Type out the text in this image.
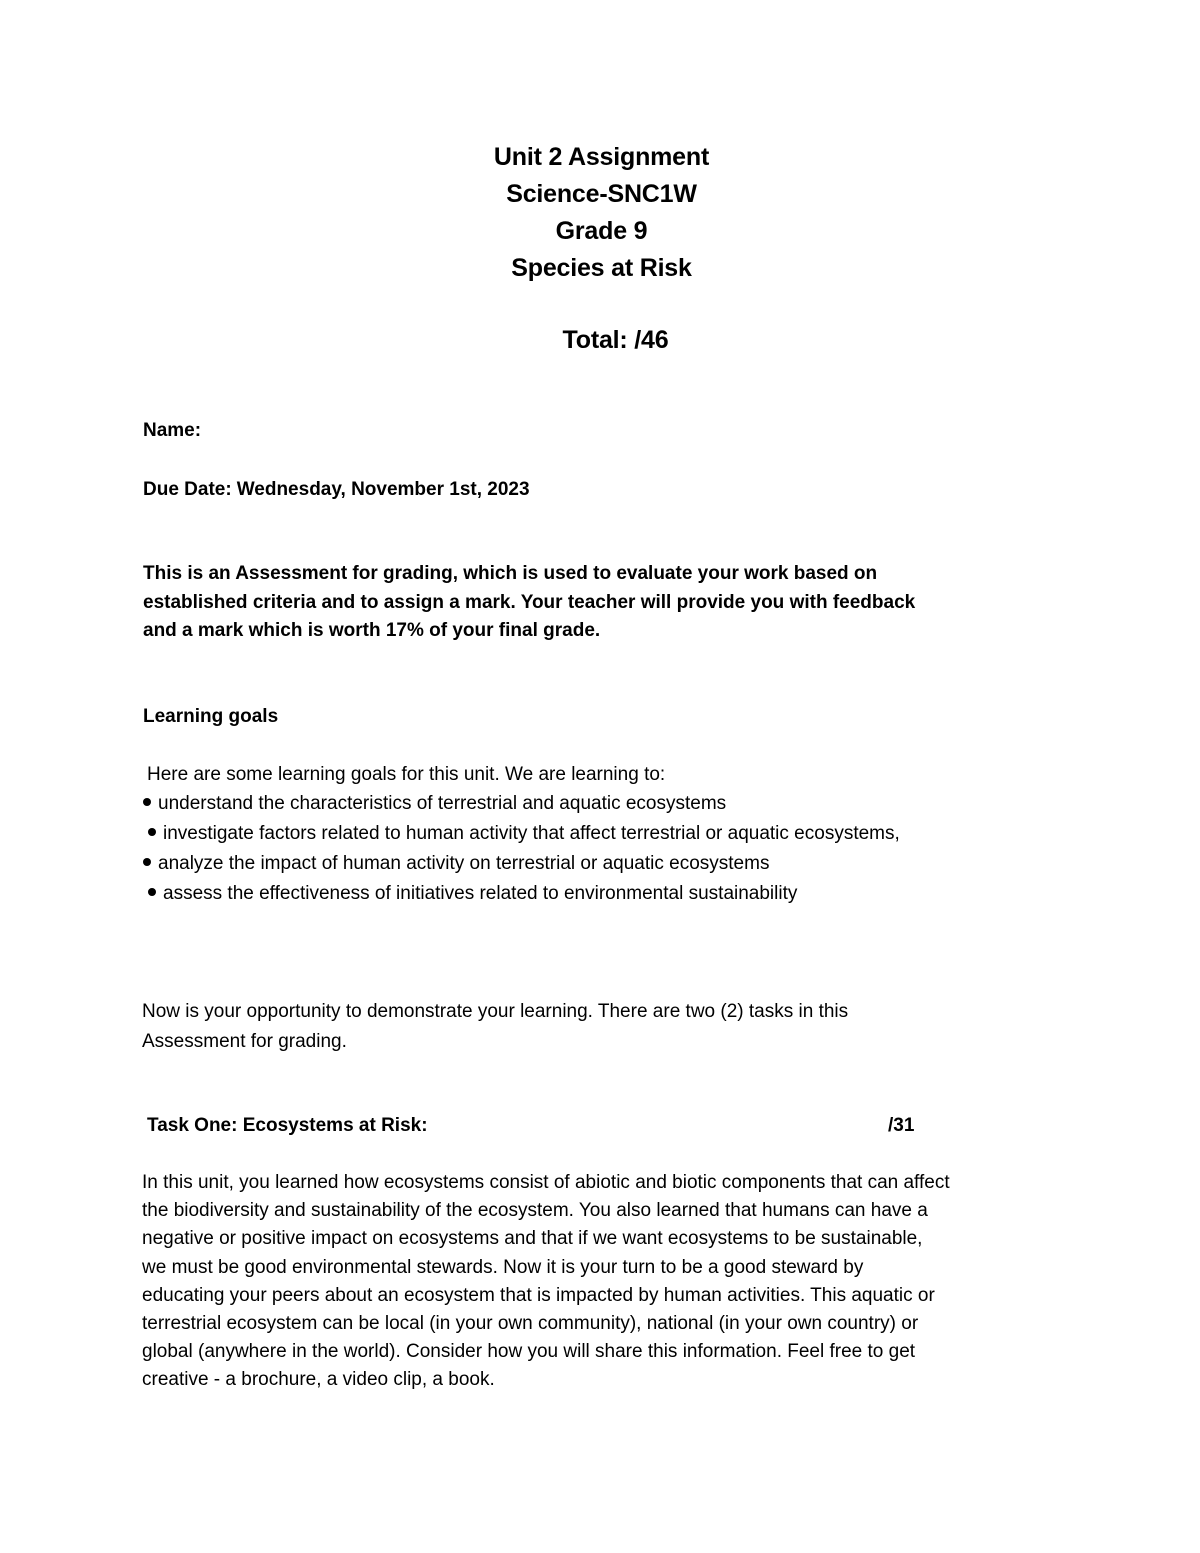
Unit 2 Assignment
Science-SNC1W
Grade 9
Species at Risk
Total: /46
Name:
Due Date: Wednesday, November 1st, 2023
This is an Assessment for grading, which is used to evaluate your work based on
established criteria and to assign a mark. Your teacher will provide you with feedback
and a mark which is worth 17% of your final grade.
Learning goals
Here are some learning goals for this unit. We are learning to:
understand the characteristics of terrestrial and aquatic ecosystems
investigate factors related to human activity that affect terrestrial or aquatic ecosystems,
analyze the impact of human activity on terrestrial or aquatic ecosystems
assess the effectiveness of initiatives related to environmental sustainability
Now is your opportunity to demonstrate your learning. There are two (2) tasks in this
Assessment for grading.
Task One: Ecosystems at Risk:	/31
In this unit, you learned how ecosystems consist of abiotic and biotic components that can affect
the biodiversity and sustainability of the ecosystem. You also learned that humans can have a
negative or positive impact on ecosystems and that if we want ecosystems to be sustainable,
we must be good environmental stewards. Now it is your turn to be a good steward by
educating your peers about an ecosystem that is impacted by human activities. This aquatic or
terrestrial ecosystem can be local (in your own community), national (in your own country) or
global (anywhere in the world). Consider how you will share this information. Feel free to get
creative - a brochure, a video clip, a book.
